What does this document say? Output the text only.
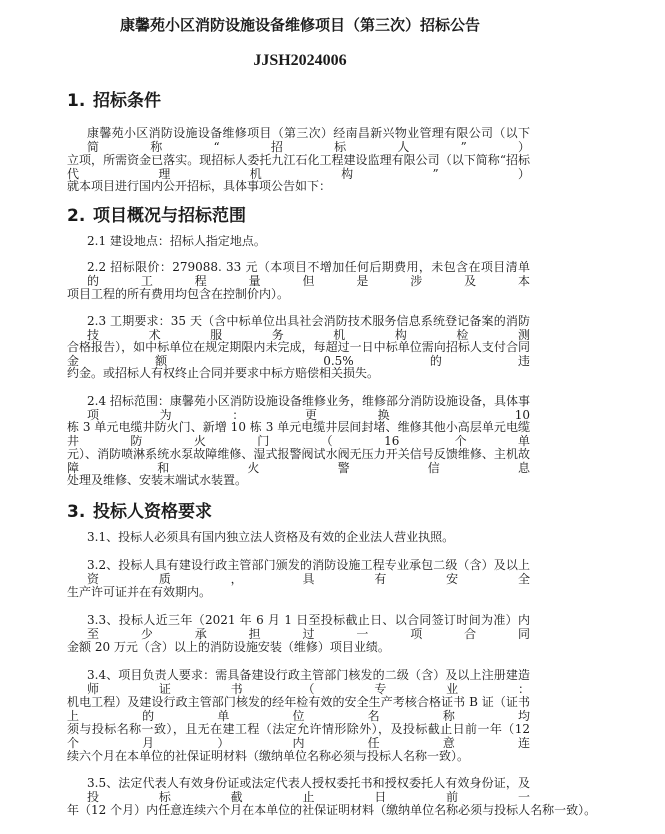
康馨苑小区消防设施设备维修项目（第三次）招标公告
JJSH2024006
1. 招标条件
康馨苑小区消防设施设备维修项目（第三次）经南昌新兴物业管理有限公司（以下简称“招标人”）
立项，所需资金已落实。现招标人委托九江石化工程建设监理有限公司（以下简称“招标代理机构”）
就本项目进行国内公开招标，具体事项公告如下：
2. 项目概况与招标范围
2.1 建设地点：招标人指定地点。
2.2 招标限价：279088. 33 元（本项目不增加任何后期费用，未包含在项目清单的工程量但是涉及本
项目工程的所有费用均包含在控制价内）。
2.3 工期要求：35 天（含中标单位出具社会消防技术服务信息系统登记备案的消防技术服务机构检测
合格报告），如中标单位在规定期限内未完成，每超过一日中标单位需向招标人支付合同金额 0.5%的违
约金。或招标人有权终止合同并要求中标方赔偿相关损失。
2.4 招标范围：康馨苑小区消防设施设备维修业务，维修部分消防设施设备，具体事项为：更换 10
栋 3 单元电缆井防火门、新增 10 栋 3 单元电缆井层间封堵、维修其他小高层单元电缆井防火门（16 个单
元）、消防喷淋系统水泵故障维修、湿式报警阀试水阀无压力开关信号反馈维修、主机故障和火警信息
处理及维修、安装末端试水装置。
3. 投标人资格要求
3.1、投标人必须具有国内独立法人资格及有效的企业法人营业执照。
3.2、投标人具有建设行政主管部门颁发的消防设施工程专业承包二级（含）及以上资质，具有安全
生产许可证并在有效期内。
3.3、投标人近三年（2021 年 6 月 1 日至投标截止日、以合同签订时间为准）内至少承担过一项合同
金额 20 万元（含）以上的消防设施安装（维修）项目业绩。
3.4、项目负责人要求：需具备建设行政主管部门核发的二级（含）及以上注册建造师证书（专业：
机电工程）及建设行政主管部门核发的经年检有效的安全生产考核合格证书 B 证（证书上的单位名称均
须与投标名称一致），且无在建工程（法定允许情形除外），及投标截止日前一年（12 个月）内任意连
续六个月在本单位的社保证明材料（缴纳单位名称必须与投标人名称一致）。
3.5、法定代表人有效身份证或法定代表人授权委托书和授权委托人有效身份证，及投标截止日前一
年（12 个月）内任意连续六个月在本单位的社保证明材料（缴纳单位名称必须与投标人名称一致）。
